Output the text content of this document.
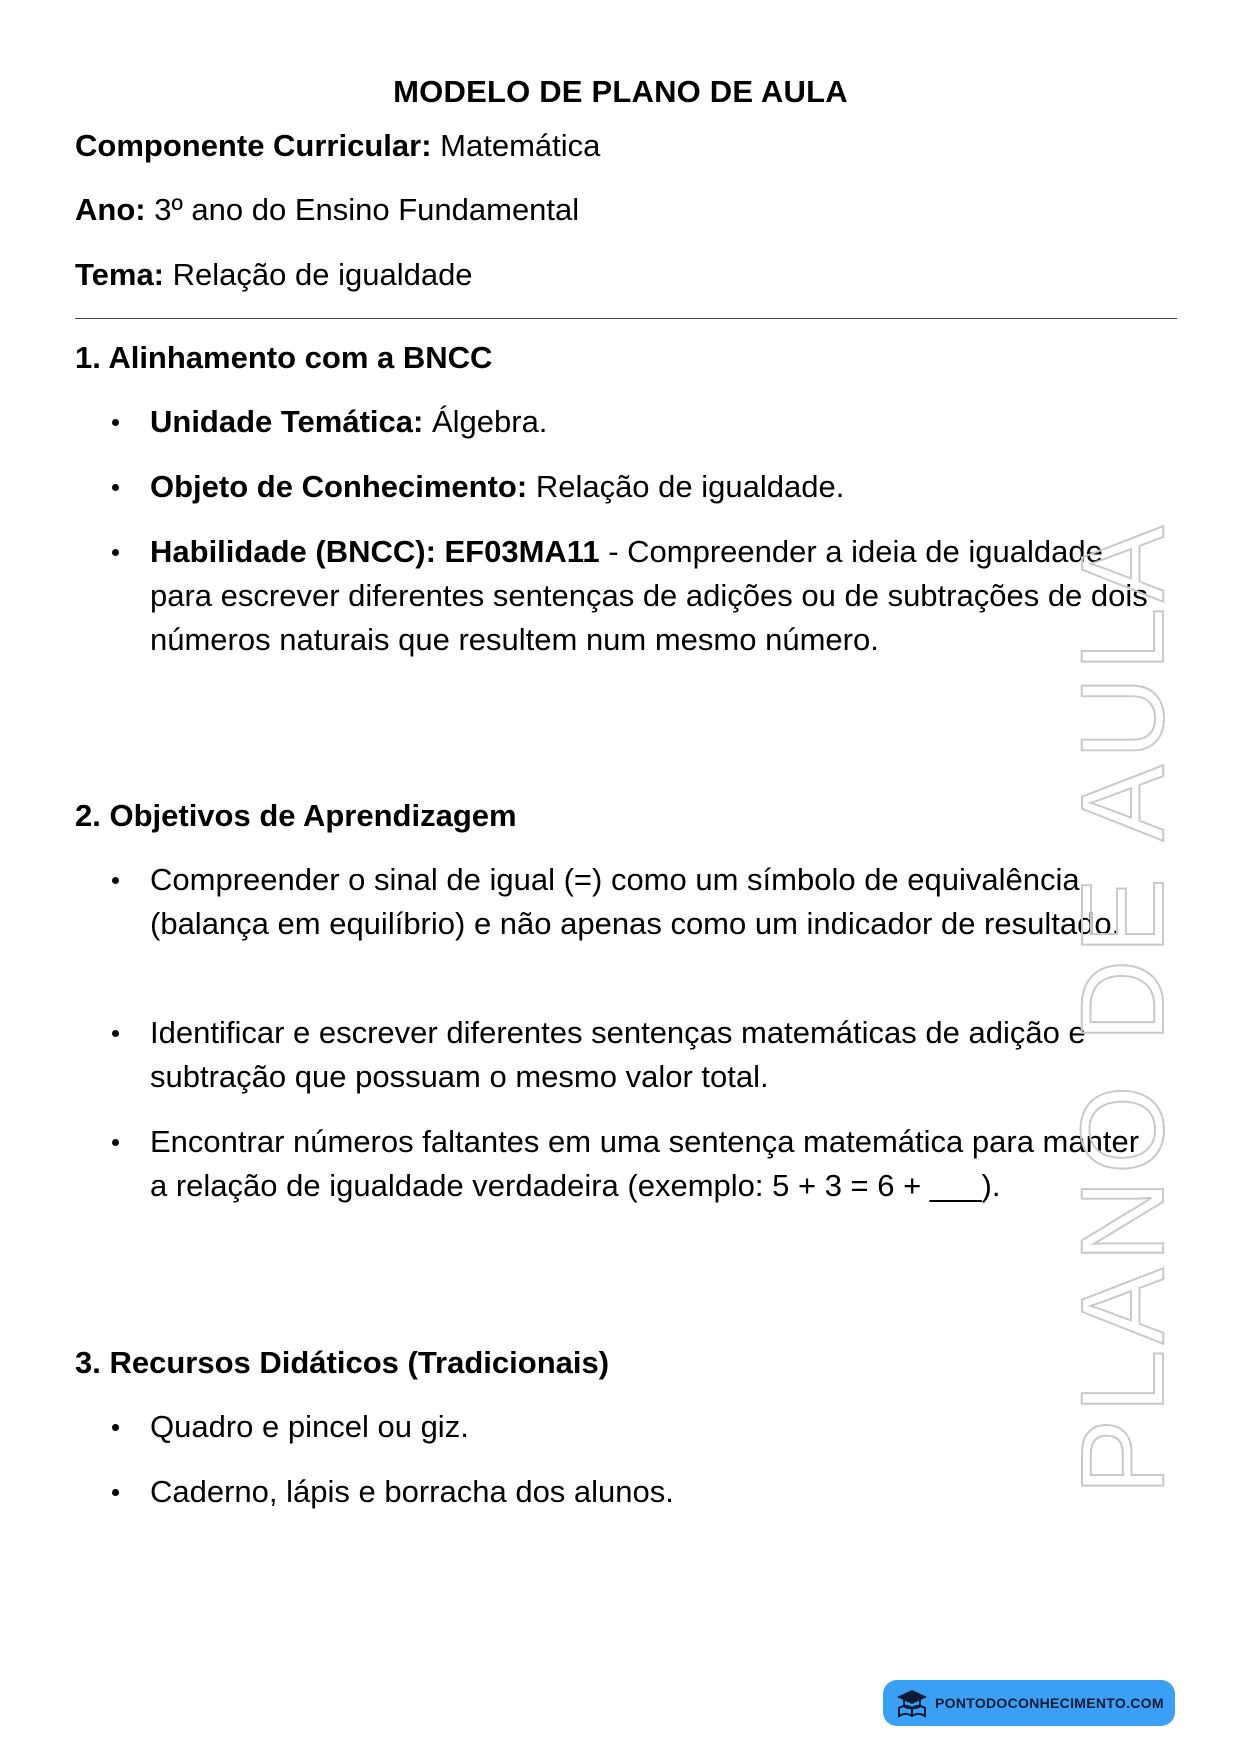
MODELO DE PLANO DE AULA
Componente Curricular: Matemática
Ano: 3º ano do Ensino Fundamental
Tema: Relação de igualdade
1. Alinhamento com a BNCC
Unidade Temática: Álgebra.
Objeto de Conhecimento: Relação de igualdade.
Habilidade (BNCC): EF03MA11 - Compreender a ideia de igualdade para escrever diferentes sentenças de adições ou de subtrações de dois números naturais que resultem num mesmo número.
2. Objetivos de Aprendizagem
Compreender o sinal de igual (=) como um símbolo de equivalência (balança em equilíbrio) e não apenas como um indicador de resultado.
Identificar e escrever diferentes sentenças matemáticas de adição e subtração que possuam o mesmo valor total.
Encontrar números faltantes em uma sentença matemática para manter a relação de igualdade verdadeira (exemplo: 5 + 3 = 6 + ___).
3. Recursos Didáticos (Tradicionais)
Quadro e pincel ou giz.
Caderno, lápis e borracha dos alunos.	PLANO DE AULA
PONTODOCONHECIMENTO.COM
